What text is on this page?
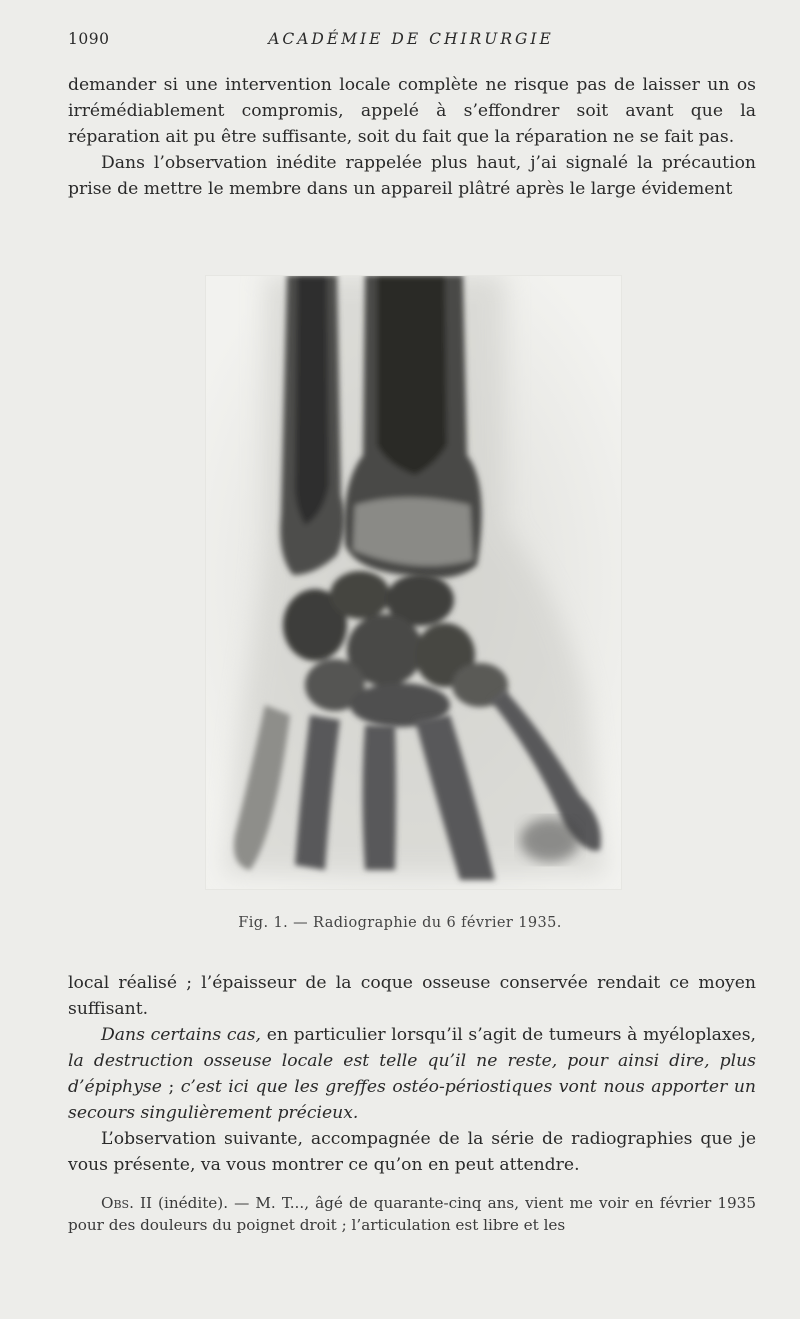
1090	ACADÉMIE DE CHIRURGIE

demander si une intervention locale complète ne risque pas de laisser un os irrémédiablement compromis, appelé à s’effondrer soit avant que la réparation ait pu être suffisante, soit du fait que la réparation ne se fait pas.

Dans l’observation inédite rappelée plus haut, j’ai signalé la précaution prise de mettre le membre dans un appareil plâtré après le large évidement

Fig. 1. — Radiographie du 6 février 1935.

local réalisé ; l’épaisseur de la coque osseuse conservée rendait ce moyen suffisant.

Dans certains cas, en particulier lorsqu’il s’agit de tumeurs à myéloplaxes, la destruction osseuse locale est telle qu’il ne reste, pour ainsi dire, plus d’épiphyse ; c’est ici que les greffes ostéo-périostiques vont nous apporter un secours singulièrement précieux.

L’observation suivante, accompagnée de la série de radiographies que je vous présente, va vous montrer ce qu’on en peut attendre.

Obs. II (inédite). — M. T..., âgé de quarante-cinq ans, vient me voir en février 1935 pour des douleurs du poignet droit ; l’articulation est libre et les
